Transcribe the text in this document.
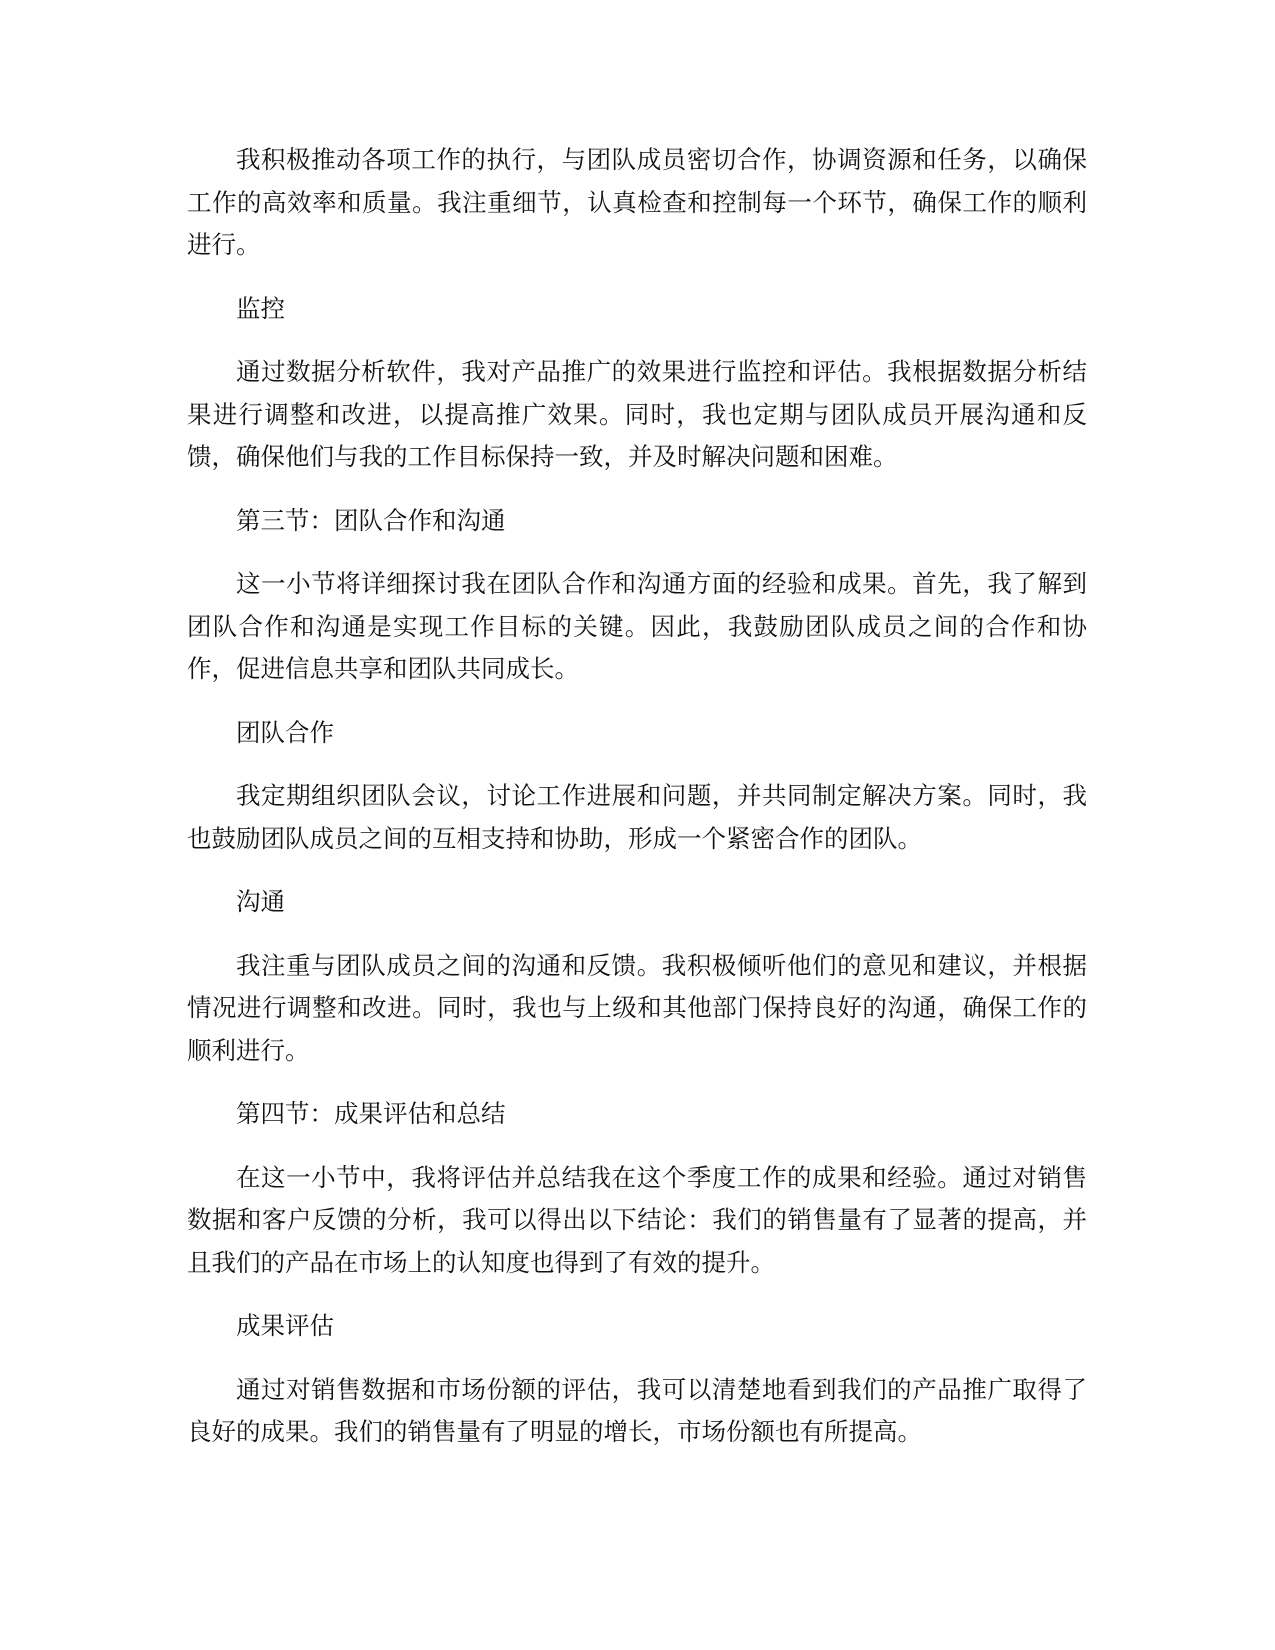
我积极推动各项工作的执行，与团队成员密切合作，协调资源和任务，以确保工作的高效率和质量。我注重细节，认真检查和控制每一个环节，确保工作的顺利进行。

监控

通过数据分析软件，我对产品推广的效果进行监控和评估。我根据数据分析结果进行调整和改进，以提高推广效果。同时，我也定期与团队成员开展沟通和反馈，确保他们与我的工作目标保持一致，并及时解决问题和困难。

第三节：团队合作和沟通

这一小节将详细探讨我在团队合作和沟通方面的经验和成果。首先，我了解到团队合作和沟通是实现工作目标的关键。因此，我鼓励团队成员之间的合作和协作，促进信息共享和团队共同成长。

团队合作

我定期组织团队会议，讨论工作进展和问题，并共同制定解决方案。同时，我也鼓励团队成员之间的互相支持和协助，形成一个紧密合作的团队。

沟通

我注重与团队成员之间的沟通和反馈。我积极倾听他们的意见和建议，并根据情况进行调整和改进。同时，我也与上级和其他部门保持良好的沟通，确保工作的顺利进行。

第四节：成果评估和总结

在这一小节中，我将评估并总结我在这个季度工作的成果和经验。通过对销售数据和客户反馈的分析，我可以得出以下结论：我们的销售量有了显著的提高，并且我们的产品在市场上的认知度也得到了有效的提升。

成果评估

通过对销售数据和市场份额的评估，我可以清楚地看到我们的产品推广取得了良好的成果。我们的销售量有了明显的增长，市场份额也有所提高。
